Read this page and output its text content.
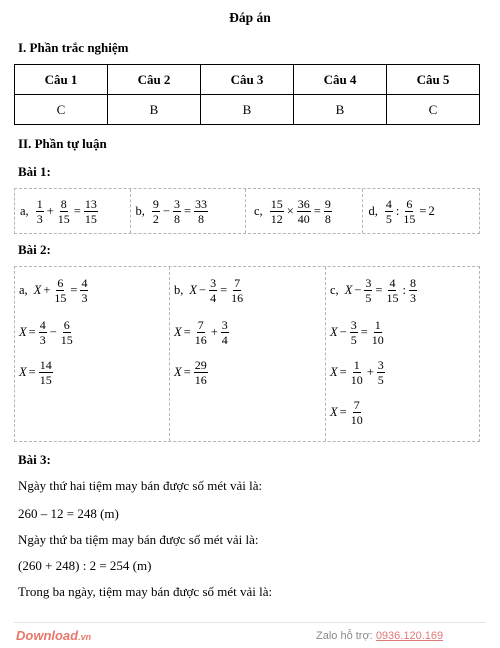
Đáp án
I. Phần trắc nghiệm
Câu 1	Câu 2	Câu 3	Câu 4	Câu 5
C	B	B	B	C
II. Phần tự luận
Bài 1:
a, $\frac{1}{3} + \frac{8}{15} = \frac{13}{15}$	b, $\frac{9}{2} - \frac{3}{8} = \frac{33}{8}$	c, $\frac{15}{12} \times \frac{36}{40} = \frac{9}{8}$	d, $\frac{4}{5}$ : $\frac{6}{15} = 2$
Bài 2:
a, $X + \frac{6}{15} = \frac{4}{3}$
$X = \frac{4}{3} - \frac{6}{15}$
$X = \frac{14}{15}$
b, $X - \frac{3}{4} = \frac{7}{16}$
$X = \frac{7}{16} + \frac{3}{4}$
$X = \frac{29}{16}$
c, $X - \frac{3}{5} = \frac{4}{15}$ : $\frac{8}{3}$
$X - \frac{3}{5} = \frac{1}{10}$
$X = \frac{1}{10} + \frac{3}{5}$
$X = \frac{7}{10}$
Bài 3:
Ngày thứ hai tiệm may bán được số mét vải là:
260 – 12 = 248 (m)
Ngày thứ ba tiệm may bán được số mét vải là:
(260 + 248) : 2 = 254 (m)
Trong ba ngày, tiệm may bán được số mét vải là:
Download.vn	Zalo hỗ trợ: 0936.120.169
